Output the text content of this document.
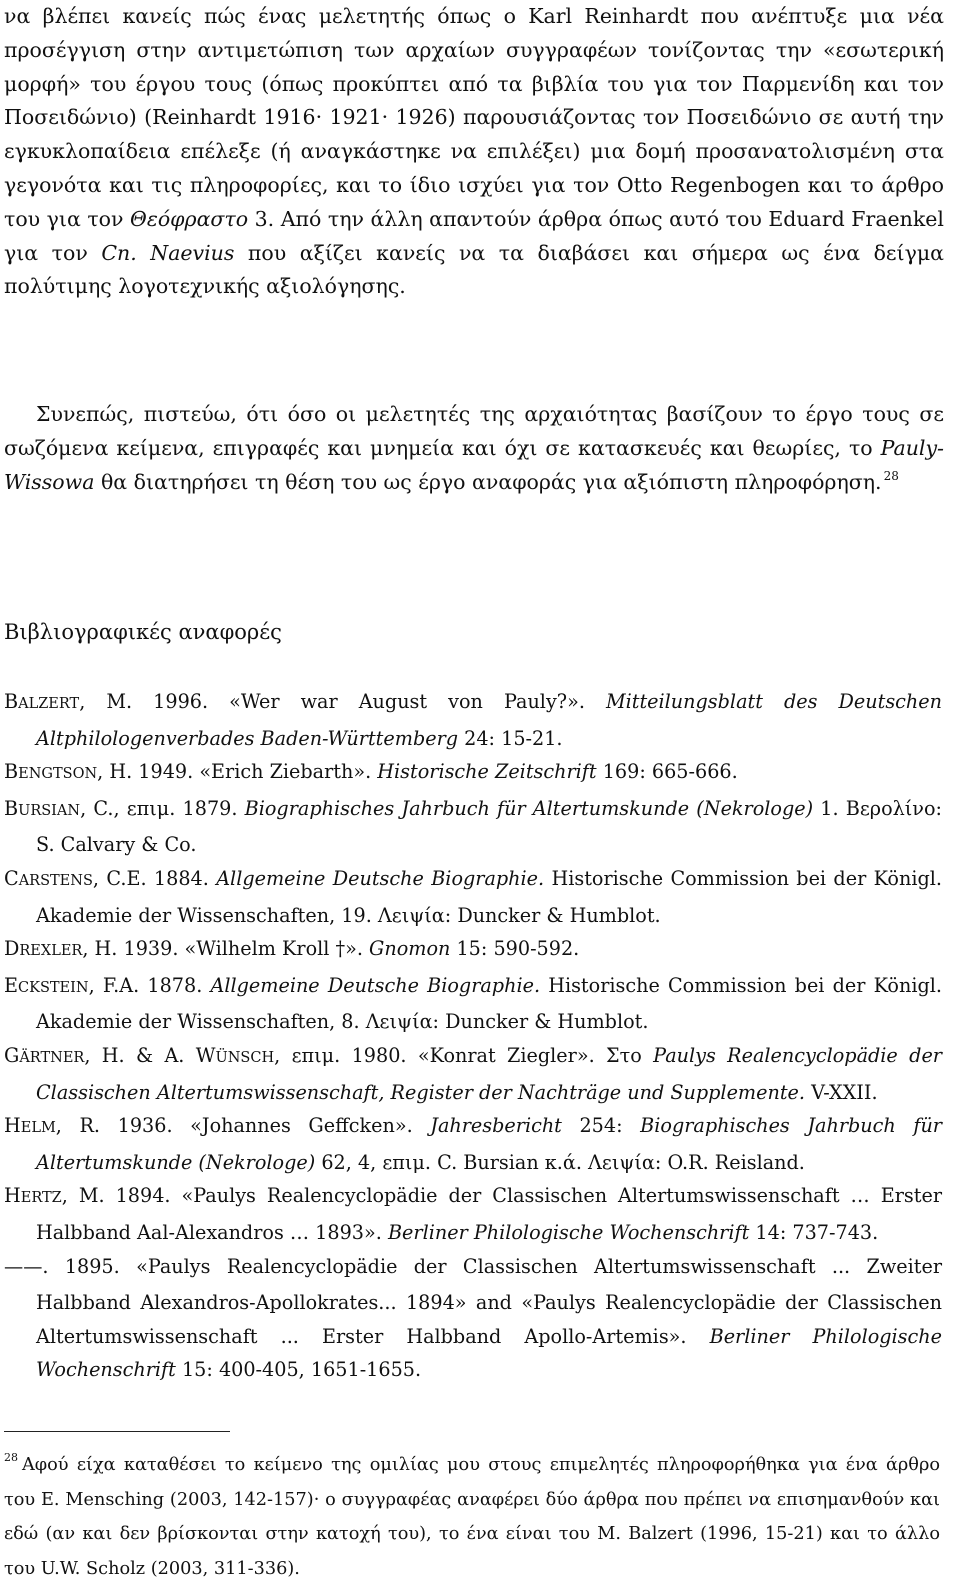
να βλέπει κανείς πώς ένας μελετητής όπως ο Karl Reinhardt που ανέπτυξε μια νέα προσέγγιση στην αντιμετώπιση των αρχαίων συγγραφέων τονίζοντας την «εσωτερική μορφή» του έργου τους (όπως προκύπτει από τα βιβλία του για τον Παρμενίδη και τον Ποσειδώνιο) (Reinhardt 1916· 1921· 1926) παρουσιάζοντας τον Ποσειδώνιο σε αυτή την εγκυκλοπαίδεια επέλεξε (ή αναγκάστηκε να επιλέξει) μια δομή προσανατολισμένη στα γεγονότα και τις πληροφορίες, και το ίδιο ισχύει για τον Otto Regenbogen και το άρθρο του για τον Θεόφραστο 3. Από την άλλη απαντούν άρθρα όπως αυτό του Eduard Fraenkel για τον Cn. Naevius που αξίζει κανείς να τα διαβάσει και σήμερα ως ένα δείγμα πολύτιμης λογοτεχνικής αξιολόγησης.

Συνεπώς, πιστεύω, ότι όσο οι μελετητές της αρχαιότητας βασίζουν το έργο τους σε σωζόμενα κείμενα, επιγραφές και μνημεία και όχι σε κατασκευές και θεωρίες, το Pauly-Wissowa θα διατηρήσει τη θέση του ως έργο αναφοράς για αξιόπιστη πληροφόρηση. $^{28}$

Βιβλιογραφικές αναφορές

BALZERT, M. 1996. «Wer war August von Pauly?». Mitteilungsblatt des Deutschen Altphilologenverbades Baden-Württemberg 24: 15-21.

BENGTSON, H. 1949. «Erich Ziebarth». Historische Zeitschrift 169: 665-666.

BURSIAN, C., επιμ. 1879. Biographisches Jahrbuch für Altertumskunde (Nekrologe) 1. Βερολίνο: S. Calvary & Co.

CARSTENS, C.E. 1884. Allgemeine Deutsche Biographie. Historische Commission bei der Königl. Akademie der Wissenschaften, 19. Λειψία: Duncker & Humblot.

DREXLER, H. 1939. «Wilhelm Kroll †». Gnomon 15: 590-592.

ECKSTEIN, F.A. 1878. Allgemeine Deutsche Biographie. Historische Commission bei der Königl. Akademie der Wissenschaften, 8. Λειψία: Duncker & Humblot.

GÄRTNER, H. & A. WÜNSCH, επιμ. 1980. «Konrat Ziegler». Στο Paulys Realencyclopädie der Classischen Altertumswissenschaft, Register der Nachträge und Supplemente. V-XXII.

HELM, R. 1936. «Johannes Geffcken». Jahresbericht 254: Biographisches Jahrbuch für Altertumskunde (Nekrologe) 62, 4, επιμ. C. Bursian κ.ά. Λειψία: O.R. Reisland.

HERTZ, M. 1894. «Paulys Realencyclopädie der Classischen Altertumswissenschaft … Erster Halbband Aal-Alexandros … 1893». Berliner Philologische Wochenschrift 14: 737-743.

——. 1895. «Paulys Realencyclopädie der Classischen Altertumswissenschaft ... Zweiter Halbband Alexandros-Apollokrates... 1894» and «Paulys Realencyclopädie der Classischen Altertumswissenschaft ... Erster Halbband Apollo-Artemis». Berliner Philologische Wochenschrift 15: 400-405, 1651-1655.

$^{28}$ Αφού είχα καταθέσει το κείμενο της ομιλίας μου στους επιμελητές πληροφορήθηκα για ένα άρθρο του E. Mensching (2003, 142-157)· ο συγγραφέας αναφέρει δύο άρθρα που πρέπει να επισημανθούν και εδώ (αν και δεν βρίσκονται στην κατοχή του), το ένα είναι του M. Balzert (1996, 15-21) και το άλλο του U.W. Scholz (2003, 311-336).
